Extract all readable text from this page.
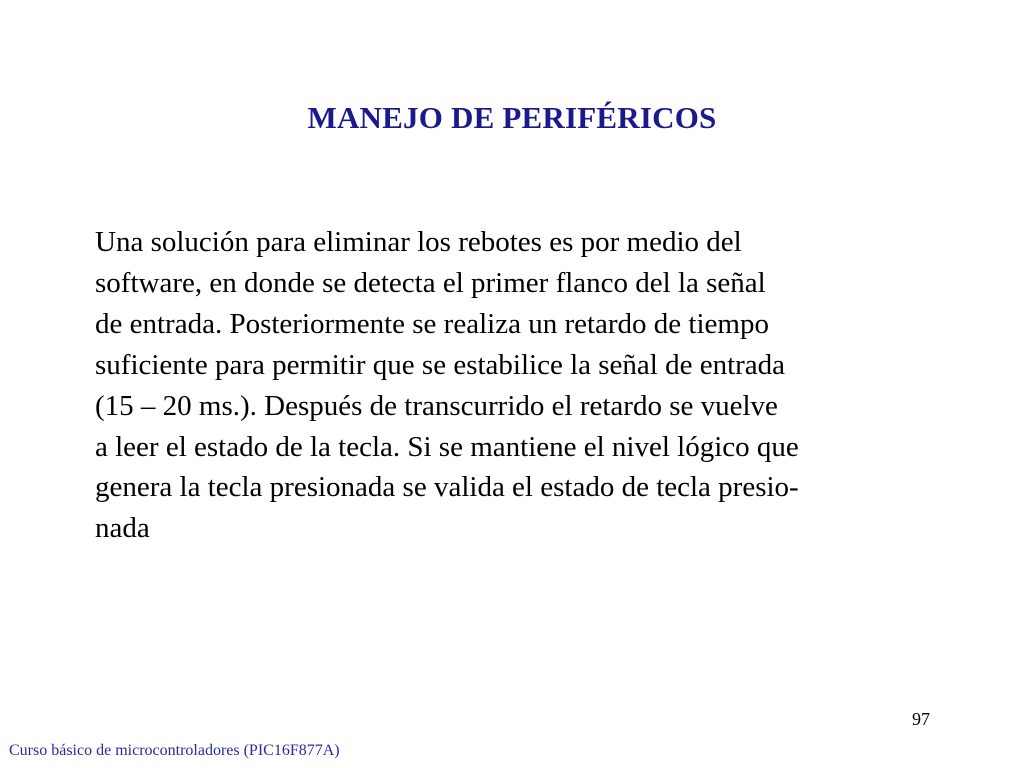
MANEJO DE PERIFÉRICOS

Una solución para eliminar los rebotes es por medio del
software, en donde se detecta el primer flanco del la señal
de entrada. Posteriormente se realiza un retardo de tiempo
suficiente para permitir que se estabilice la señal de entrada
(15 – 20 ms.). Después de transcurrido el retardo se vuelve
a leer el estado de la tecla. Si se mantiene el nivel lógico que
genera la tecla presionada se valida el estado de tecla presio-
nada

97
Curso básico de microcontroladores (PIC16F877A)
